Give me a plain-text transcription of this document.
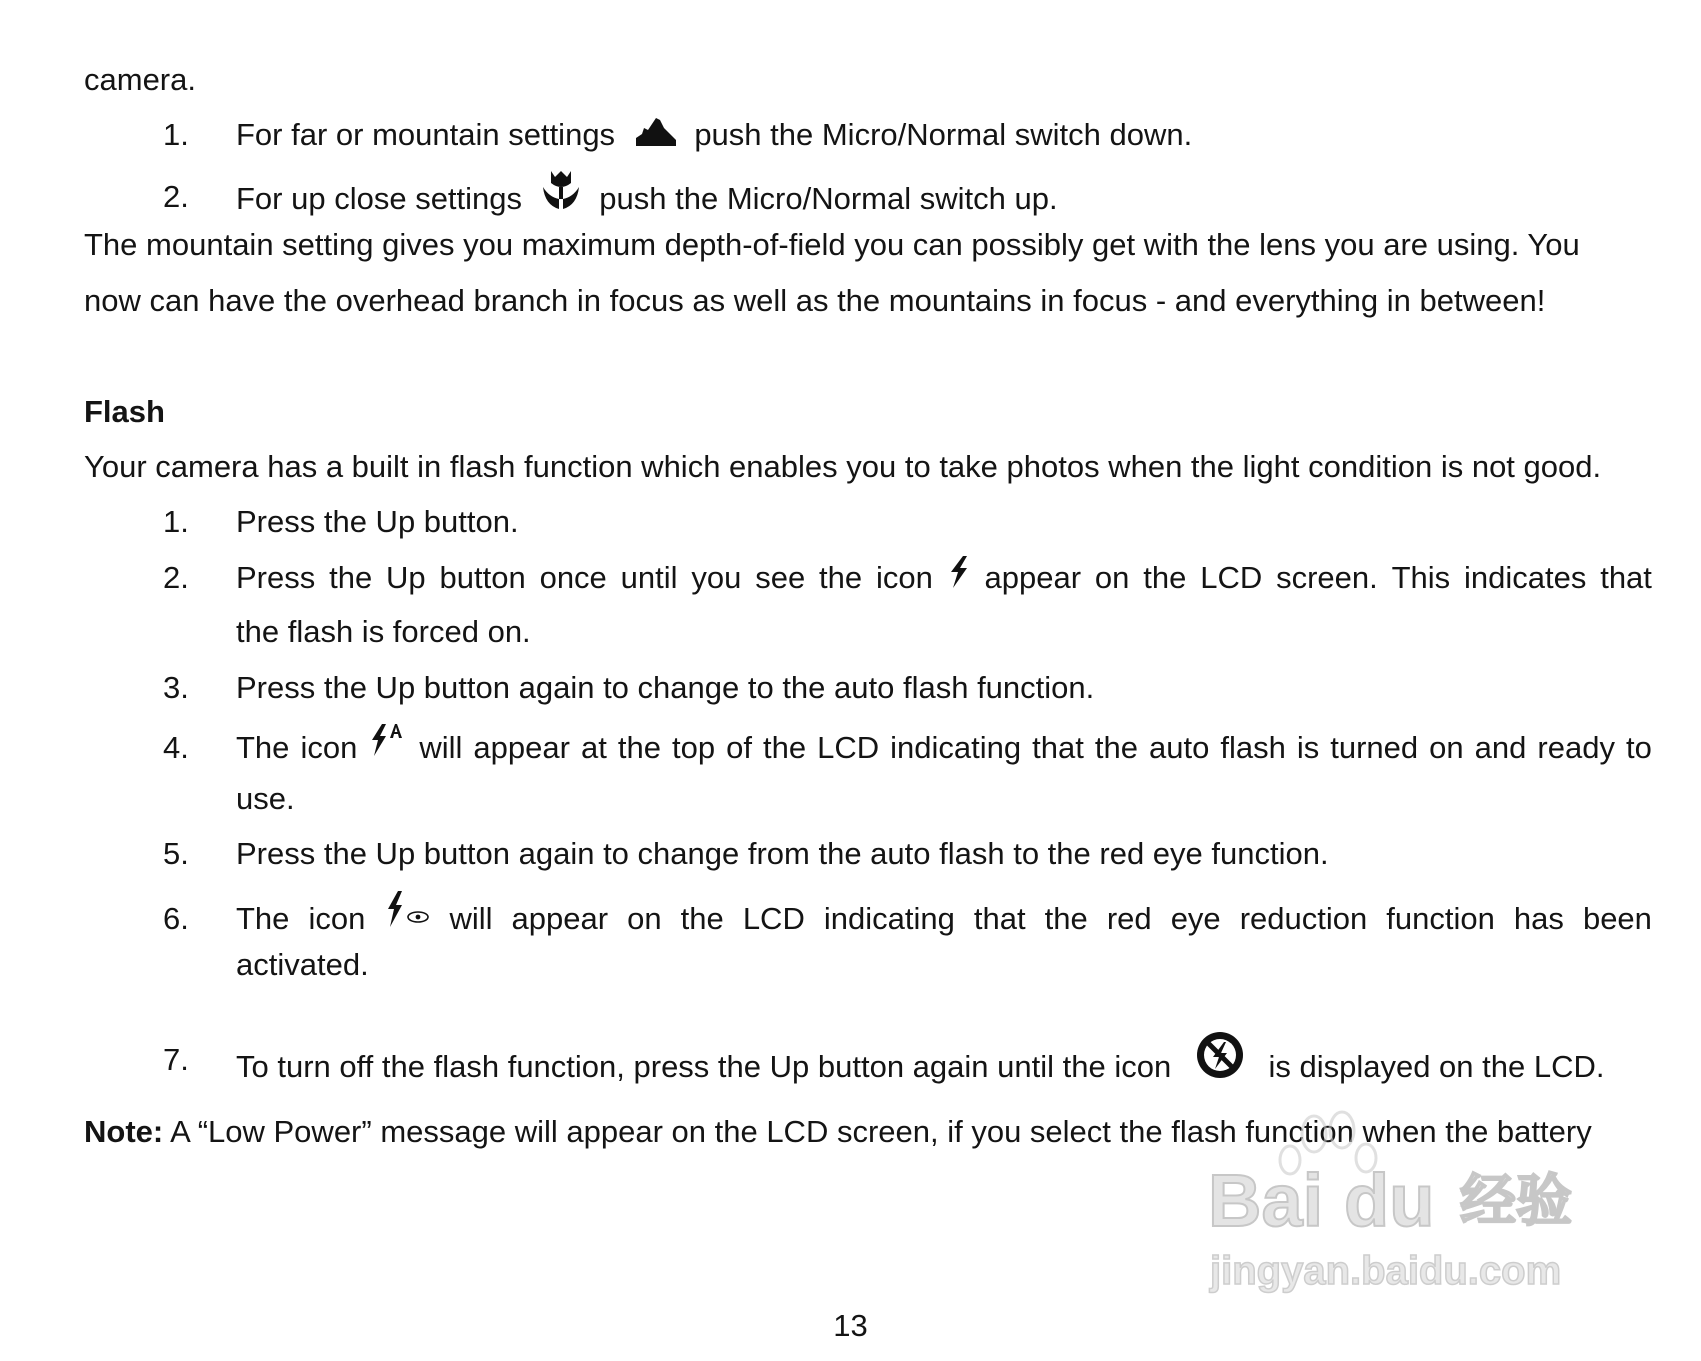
camera.
1. For far or mountain settings	push the Micro/Normal switch down.
2. For up close settings push the Micro/Normal switch up.
The mountain setting gives you maximum depth-of-field you can possibly get with the lens you are using. You
now can have the overhead branch in focus as well as the mountains in focus - and everything in between!
Flash
Your camera has a built in flash function which enables you to take photos when the light condition is not good.
1. Press the Up button.
2. Press the Up button once until you see the icon appear on the LCD screen. This indicates that
the flash is forced on.
3. Press the Up button again to change to the auto flash function.
4. The icon will appear at the top of the LCD indicating that the auto flash is turned on and ready to
use.
5. Press the Up button again to change from the auto flash to the red eye function.
6. The icon	will appear on the LCD indicating that the red eye reduction function has been
activated.
7. To turn off the flash function, press the Up button again until the icon	is displayed on the LCD.
Note: A “Low Power” message will appear on the LCD screen, if you select the flash function when the battery
13
Bai du 经验
jingyan.baidu.com
